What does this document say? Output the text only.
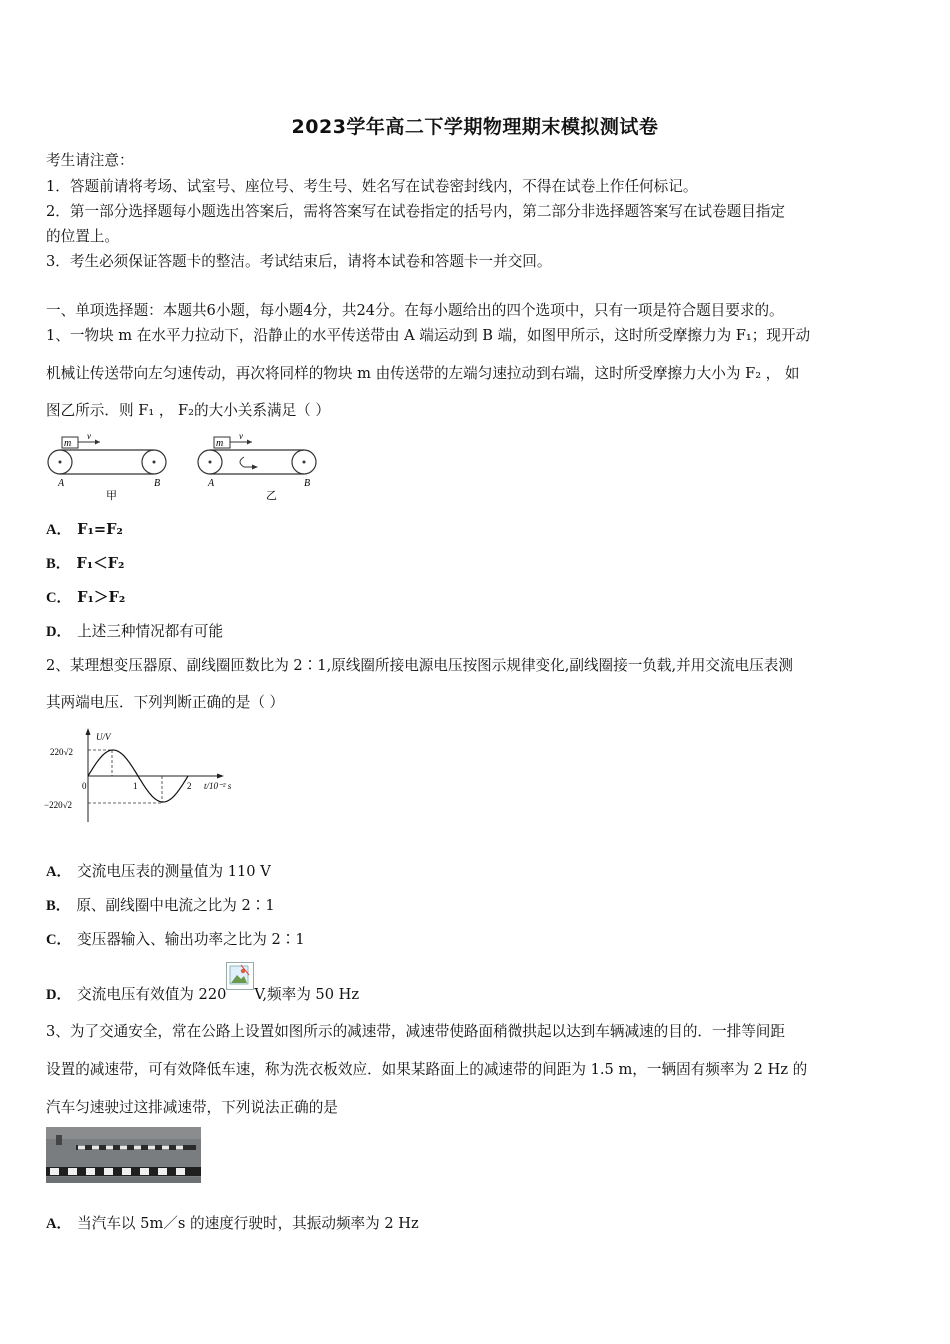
2023学年高二下学期物理期末模拟测试卷
考生请注意：
1．答题前请将考场、试室号、座位号、考生号、姓名写在试卷密封线内，不得在试卷上作任何标记。
2．第一部分选择题每小题选出答案后，需将答案写在试卷指定的括号内，第二部分非选择题答案写在试卷题目指定
的位置上。
3．考生必须保证答题卡的整洁。考试结束后，请将本试卷和答题卡一并交回。
一、单项选择题：本题共6小题，每小题4分，共24分。在每小题给出的四个选项中，只有一项是符合题目要求的。
1、一物块 m 在水平力拉动下，沿静止的水平传送带由 A 端运动到 B 端，如图甲所示，这时所受摩擦力为 F₁；现开动
机械让传送带向左匀速传动，再次将同样的物块 m 由传送带的左端匀速拉动到右端，这时所受摩擦力大小为 F₂ ， 如
图乙所示．则 F₁ ， F₂的大小关系满足（ ）
m
v
A	B
甲
m
v
A	B
乙
A． F₁=F₂
B． F₁＜F₂
C． F₁＞F₂
D． 上述三种情况都有可能
2、某理想变压器原、副线圈匝数比为 2∶1,原线圈所接电源电压按图示规律变化,副线圈接一负载,并用交流电压表测
其两端电压．下列判断正确的是（ ）
U/V
220√2
−220√2
0	1	2 t/10⁻² s
A． 交流电压表的测量值为 110 V
B． 原、副线圈中电流之比为 2∶1
C． 变压器输入、输出功率之比为 2∶1
D． 交流电压有效值为 220 V,频率为 50 Hz
3、为了交通安全，常在公路上设置如图所示的减速带，减速带使路面稍微拱起以达到车辆减速的目的．一排等间距
设置的减速带，可有效降低车速，称为洗衣板效应．如果某路面上的减速带的间距为 1.5 m，一辆固有频率为 2 Hz 的
汽车匀速驶过这排减速带，下列说法正确的是
A． 当汽车以 5m／s 的速度行驶时，其振动频率为 2 Hz
